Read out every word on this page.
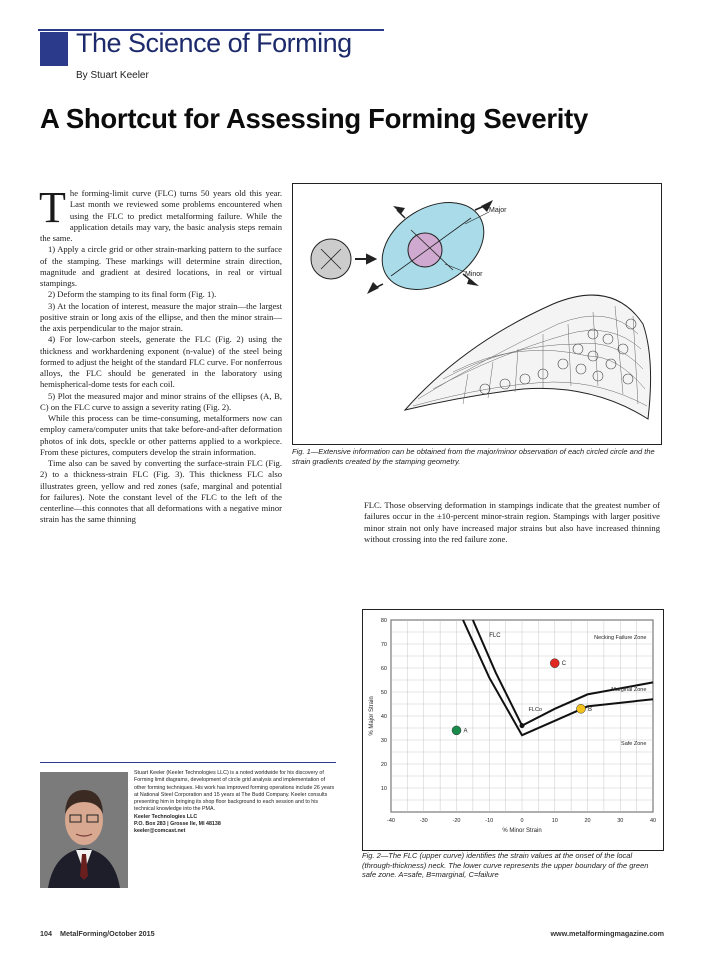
The Science of Forming
By Stuart Keeler
A Shortcut for Assessing Forming Severity
T he forming-limit curve (FLC) turns 50 years old this year. Last month we reviewed some problems encountered when using the FLC to predict metalforming failure. While the application details may vary, the basic analysis steps remain the same.

1) Apply a circle grid or other strain-marking pattern to the surface of the stamping. These markings will determine strain direction, magnitude and gradient at desired locations, in real or virtual stampings.

2) Deform the stamping to its final form (Fig. 1).

3) At the location of interest, measure the major strain—the largest positive strain or long axis of the ellipse, and then the minor strain—the axis perpendicular to the major strain.

4) For low-carbon steels, generate the FLC (Fig. 2) using the thickness and workhardening exponent (n-value) of the steel being formed to adjust the height of the standard FLC curve. For nonferrous alloys, the FLC should be generated in the laboratory using hemispherical-dome tests for each coil.

5) Plot the measured major and minor strains of the ellipses (A, B, C) on the FLC curve to assign a severity rating (Fig. 2).

While this process can be time-consuming, metalformers now can employ camera/computer units that take before-and-after deformation photos of ink dots, speckle or other patterns applied to a workpiece. From these pictures, computers develop the strain information.

Time also can be saved by converting the surface-strain FLC (Fig. 2) to a thickness-strain FLC (Fig. 3). This thickness FLC also illustrates green, yellow and red zones (safe, marginal and potential for failures). Note the constant level of the FLC to the left of the centerline—this connotes that all deformations with a negative minor strain has the same thinning

Major
Minor
Fig. 1—Extensive information can be obtained from the major/minor observation of each circled circle and the strain gradients created by the stamping geometry.
FLC. Those observing deformation in stampings indicate that the greatest number of failures occur in the ±10-percent minor-strain region. Stampings with larger positive minor strain not only have increased major strains but also have increased thinning without crossing into the red failure zone.
-40	-30	-20	-10	0	10	20	30	40
10
20
30
40
50
60
70
80
% Minor Strain
% Major Strain	FLCo
FLC	Necking Failure Zone
Marginal Zone
Safe Zone
A
B
C
Fig. 2—The FLC (upper curve) identifies the strain values at the onset of the local (through-thickness) neck. The lower curve represents the upper boundary of the green safe zone. A=safe, B=marginal, C=failure
Stuart Keeler (Keeler Technologies LLC) is a noted worldwide for his discovery of Forming limit diagrams, development of circle grid analysis and implementation of other forming techniques. His work has improved forming operations include 26 years at National Steel Corporation and 15 years at The Budd Company. Keeler consults presenting him in bringing its shop floor background to each session and to his technical knowledge into the PMA.
Keeler Technologies LLC
P.O. Box 283 | Grosse Ile, MI 48138
keeler@comcast.net
104 MetalForming/October 2015	www.metalformingmagazine.com
